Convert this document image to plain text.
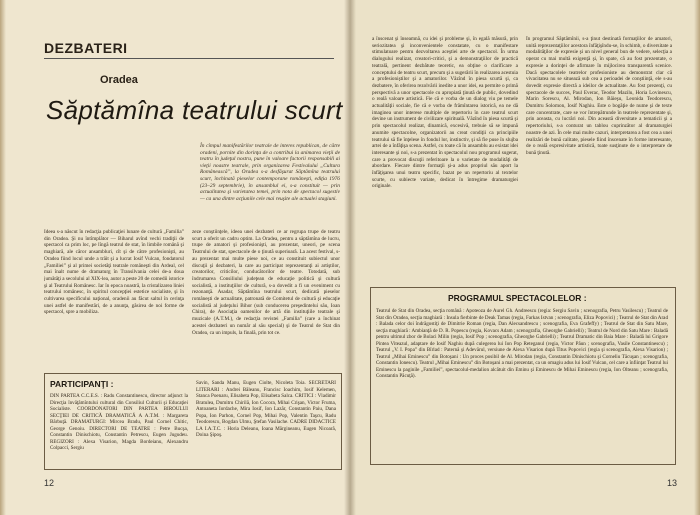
DEZBATERI
Oradea
Săptămîna teatrului scurt
În cîmpul manifestărilor teatrale de interes republican, de către oradeni, pornite din dorinţa de a contribui la animarea vieţii de teatru în judeţul nostru, pune în valoare factorii responsabili ai vieţii noastre teatrale, prin organizarea Festivalului „Cultura Românească”, la Oradea s-a desfăşurat Săptămîna teatrului scurt, închinată pieselor contemporane româneşti, ediţia 1976 (23–29 septembrie), în ansamblul ei, s-a constituit — prin actualitatea şi varietatea temei, prin nota de spectacol sugestiv — ca una dintre acţiunile cele mai reuşite ale actualei stagiuni.
Ideea s-a născut în redacţia publicaţiei lunare de cultură „Familia” din Oradea. Şi nu întîmplător — Biharul avînd vechi tradiţii de spectacol ca prim loc, pe lîngă teatrul de stat, în limbile română şi maghiară, ale căror ansambluri, cît şi de către profesionişti, au Oradea fiind locul unde a trăit şi a lucrat Iosif Vulcan, fondatorul „Familiei” şi al primei societăţi teatrale româneşti din Ardeal, cel mai înalt nume de dramaturg în Transilvania celei de-a doua jumătăţi a secolului al XIX-lea, autor a peste 20 de comedii istorice şi al Teatrului Românesc. Iar în epoca noastră, la cristalizarea liniei teatrului românesc, în spiritul concepţiei estetice socialiste, şi în cultivarea specificului naţional, oradenii au făcut saltul în cerinţa unei astfel de manifestări, de a anunţa, găsirea de noi forme de spectacol, spre a mobiliza.
zeze conştiinţele, ideea unei dezbateri ce ar regrupa trupe de teatru scurt a oferit un cadru optim. La Oradea, pentru a săptămîna de lucru, trupe de amatori şi profesionişti, au prezentat, uneori, pe scena Teatrului de stat, spectacole de o ţinută superioară. La acest festival, s-au prezentat mai multe piese noi, ce au constituit subiectul unor discuţii şi dezbateri, la care au participat reprezentanţi ai artiştilor, creatorilor, criticilor, conducătorilor de teatre. Totodată, sub îndrumarea Consiliului judeţean de educaţie politică şi cultură socialistă, a instituţiilor de cultură, s-a dovedit a fi un eveniment cu rezonanţă. Asadar, Săptămîna teatrului scurt, dedicată pieselor româneşti de actualitate, patronată de Comitetul de cultură şi educaţie socialistă al judeţului Bihor (sub conducerea preşedintelui său, Ioan Chira), de Asociaţia oamenilor de artă din instituţiile teatrale şi muzicale (A.T.M.), de redacţia revistei „Familia” (care a închinat acestei dezbateri un număr al său special) şi de Teatrul de Stat din Oradea, ca un impuls, la finală, prin tot ce.
PARTICIPANŢI :
DIN PARTEA C.C.E.S. : Radu Constantinescu, director adjunct la Direcţia învăţămîntului cultural din Consiliul Culturii şi Educaţiei Socialiste. COORDONATORI DIN PARTEA BIROULUI SECŢIEI DE CRITICĂ DRAMATICĂ A A.T.M. : Margareta Bărbuţă. DRAMATURGI: Mircea Bradu, Paul Cornel Chitic, George Genoiu. DIRECTORI DE TEATRE : Petre Bucşa, Constantin Dinischiotu, Constantin Petrescu, Eugen Jugudeu. REGIZORI : Alexa Visarion, Magda Bordeianu, Alexandru Colpacci, Sergiu
Savin, Sanda Manu, Eugen Ciolte, Nicoleta Toia. SECRETARI LITERARI : Andrei Băleanu, Francisc Ioachim, Iosif Kelemen, Stanca Poenaru, Elisabeta Pop, Elisabeta Salca. CRITICI : Vladimir Bratulea, Dumitru Chirilă, Ion Cocora, Mihai Crişan, Victor Fruma, Antoaneta Iordache, Mira Iosif, Ion Lazăr, Constantin Paiu, Dana Popa, Ion Parhon, Cornel Pop, Mihai Pop, Valentin Taşcu, Radu Teodorescu, Bogdan Ulmu, Ştefan Vasilache. CADRE DIDACTICE LA I.A.T.C. : Horia Deleanu, Ioana Mărgineanu, Eugen Nicoară, Doina Şipoş.
12
a înscenat şi înseamnă, cu idei şi probleme şi, în egală măsură, prin seriozitatea şi inconvenientele constatate, cu o manifestare stimulatoare pentru dezvoltarea aceştiei arte de spectacol. În urma dialogului realizat, creatori-critici, şi a demonstraţiilor de practică teatrală, pertinent dezbătute teoretic, ea obţine o clarificare a conceptului de teatru scurt, precum şi a sugerării în realizarea acestuia a profesioniştilor şi a amatorilor. Văzînd în piesa scurtă şi, ca dezbatere, în oferirea rezolvării inedite a unor idei, ea permite o primă perspectivă a unor spectacole cu apropiată ţinută de public, dovedind o reală valoare artistică. Fie că e vorba de un dialog viu pe temele actualităţii sociale, fie că e vorba de frămîntarea istorică, ea ne dă imaginea unor interese multiple de repertoriu în care teatrul scurt devine un instrument de civilizare spirituală. Văzînd în piesa scurtă şi prin spectacolul realizat, dinamică, excesivă, trebuie să se impună anumite spectacolne, organizatorii au creat condiţii ca principiile teatrului să fie înţelese în fondul lor, instinctiv, şi să fie puse în slujba artei de a înfăţişa scena. Astfel, cu toate că în ansamblu au existat idei interesante şi noi, s-a prezentat în spectacolul nou programul sugerat, care a provocat discuţii referitoare la o varietate de modalităţi de abordare. Fiecare dintre formaţii şi-a adus propriul său aport la înfăţişarea unui teatru specific, bazat pe un repertoriu al textelor scurte, cu subiecte variate, dedicat în întregime dramaturgiei originale.
În programul Săptămînii, s-a ţinut destinată formaţiilor de amatori, unită reprezentaţiilor acestora înfăţişîndu-se, în schimb, o diversitate a modalităţilor de expresie şi un nivel general bun de vedere, selecţia a operat cu mai multă exigenţă şi, în spate, că au fost prezentate, o expresie a dorinţei de afirmare în mijlocirea transparentă scenice. Dacă spectacolele teatrelor profesioniste au demonstrat clar că vivacitatea nu se situează sub cea a perioadei de conştiinţă, ele s-au dovedit expresie directă a ideilor de actualitate. Au fost prezenţi, cu spectacole de succes, Paul Everac, Teodor Mazilu, Horia Lovinescu, Marin Sorescu, Al. Mirodan, Ion Băieşu, Leonida Teodorescu, Dumitru Solomon, Iosif Naghiu. Este o bogăţie de nume şi de texte care concentrate, care se vor întrepătrunde în teatrele reprezentate şi, prin aceasta, cu lucrări noi. Din această diversitate a tematicii şi a repertoriului, s-a conturat un tablou cuprinzător al dramaturgiei noastre de azi. În cele mai multe cazuri, interpretarea a fost cea a unei realizări de bună calitate, piesele fiind înscenate în forme interesante, de o reală expresivitate artistică, toate susţinute de o interpretare de bună ţinută.
PROGRAMUL SPECTACOLELOR :
Teatrul de Stat din Oradea, secţia română : Apoteoza de Aurel Gh. Andreescu (regia: Sergiu Savin ; scenografia, Petru Vasilescu) ; Teatrul de Stat din Oradea, secţia maghiară : Insula fierbinte de Deak Tamas (regia, Farkas Istvan ; scenografia, Eliza Popovici) ; Teatrul de Stat din Arad : Balada celor doi îndrăgostiţi de Dimitrie Roman (regia, Dan Alecsandrescu ; scenografia, Eva Grafeffy) ; Teatrul de Stat din Satu Mare, secţia maghiară : Ambianţă de D. R. Popescu (regia, Kovacs Adam ; scenografia, Gheorghe Gabrielli) ; Teatrul de Nord din Satu Mare : Baladă pentru ultimul zbor de Bolaci Milin (regia, Iosif Pop ; scenografia, Gheorghe Gabrielli) ; Teatrul Dramatic din Baia Mare : Baladă lui Grigore Pintea Viteazul, adaptare de Iosif Naghiu după culegerea lui Ion Pop Reteganul (regia, Victor Păun ; scenografia, Vasile Constantinescu) ; Teatrul „V. I. Popa” din Bîrlad : Paternă şi Adevărul, versiune de Alexa Visarion după Titus Popovici (regia şi scenografia, Alexa Visarion) ; Teatrul „Mihai Eminescu” din Botoşani : Un proces posibil de Al. Mirodan (regia, Constantin Dinischiotu şi Corneliu Tăcuşan ; scenografia, Constantin Ionescu). Teatrul „Mihai Eminescu” din Botoşani a mai prezentat, ca un omagiu adus lui Iosif Vulcan, cel care a înfiinţat Teatrul lui Eminescu la paginile „Familiei”, spectacolul-medalion alcătuit din Eminu şi Eminescu de Mihai Eminescu (regia, Ion Olteanu ; scenografia, Constantin Păcuţă).
13
